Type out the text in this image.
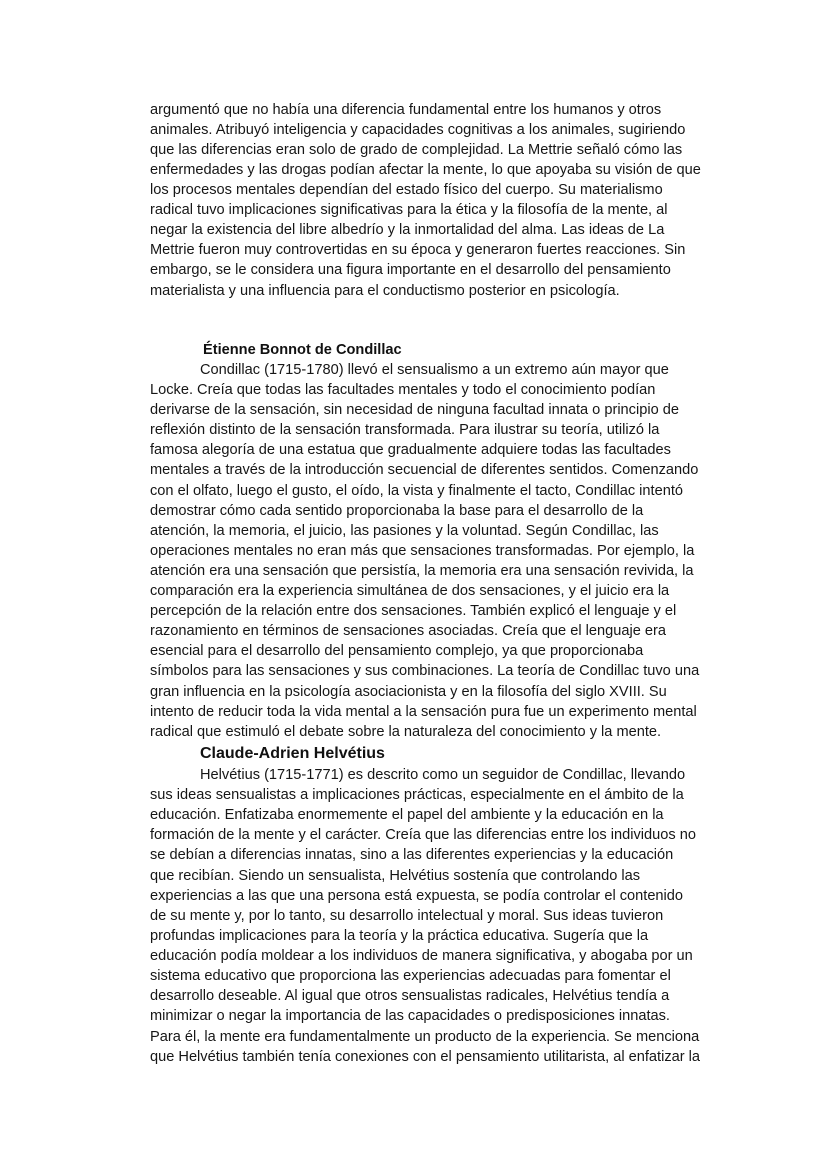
argumentó que no había una diferencia fundamental entre los humanos y otros
animales. Atribuyó inteligencia y capacidades cognitivas a los animales, sugiriendo
que las diferencias eran solo de grado de complejidad. La Mettrie señaló cómo las
enfermedades y las drogas podían afectar la mente, lo que apoyaba su visión de que
los procesos mentales dependían del estado físico del cuerpo. Su materialismo
radical tuvo implicaciones significativas para la ética y la filosofía de la mente, al
negar la existencia del libre albedrío y la inmortalidad del alma. Las ideas de La
Mettrie fueron muy controvertidas en su época y generaron fuertes reacciones. Sin
embargo, se le considera una figura importante en el desarrollo del pensamiento
materialista y una influencia para el conductismo posterior en psicología.
Étienne Bonnot de Condillac
Condillac (1715-1780) llevó el sensualismo a un extremo aún mayor que
Locke. Creía que todas las facultades mentales y todo el conocimiento podían
derivarse de la sensación, sin necesidad de ninguna facultad innata o principio de
reflexión distinto de la sensación transformada. Para ilustrar su teoría, utilizó la
famosa alegoría de una estatua que gradualmente adquiere todas las facultades
mentales a través de la introducción secuencial de diferentes sentidos. Comenzando
con el olfato, luego el gusto, el oído, la vista y finalmente el tacto, Condillac intentó
demostrar cómo cada sentido proporcionaba la base para el desarrollo de la
atención, la memoria, el juicio, las pasiones y la voluntad. Según Condillac, las
operaciones mentales no eran más que sensaciones transformadas. Por ejemplo, la
atención era una sensación que persistía, la memoria era una sensación revivida, la
comparación era la experiencia simultánea de dos sensaciones, y el juicio era la
percepción de la relación entre dos sensaciones. También explicó el lenguaje y el
razonamiento en términos de sensaciones asociadas. Creía que el lenguaje era
esencial para el desarrollo del pensamiento complejo, ya que proporcionaba
símbolos para las sensaciones y sus combinaciones. La teoría de Condillac tuvo una
gran influencia en la psicología asociacionista y en la filosofía del siglo XVIII. Su
intento de reducir toda la vida mental a la sensación pura fue un experimento mental
radical que estimuló el debate sobre la naturaleza del conocimiento y la mente.
Claude-Adrien Helvétius
Helvétius (1715-1771) es descrito como un seguidor de Condillac, llevando
sus ideas sensualistas a implicaciones prácticas, especialmente en el ámbito de la
educación. Enfatizaba enormemente el papel del ambiente y la educación en la
formación de la mente y el carácter. Creía que las diferencias entre los individuos no
se debían a diferencias innatas, sino a las diferentes experiencias y la educación
que recibían. Siendo un sensualista, Helvétius sostenía que controlando las
experiencias a las que una persona está expuesta, se podía controlar el contenido
de su mente y, por lo tanto, su desarrollo intelectual y moral. Sus ideas tuvieron
profundas implicaciones para la teoría y la práctica educativa. Sugería que la
educación podía moldear a los individuos de manera significativa, y abogaba por un
sistema educativo que proporciona las experiencias adecuadas para fomentar el
desarrollo deseable. Al igual que otros sensualistas radicales, Helvétius tendía a
minimizar o negar la importancia de las capacidades o predisposiciones innatas.
Para él, la mente era fundamentalmente un producto de la experiencia. Se menciona
que Helvétius también tenía conexiones con el pensamiento utilitarista, al enfatizar la
